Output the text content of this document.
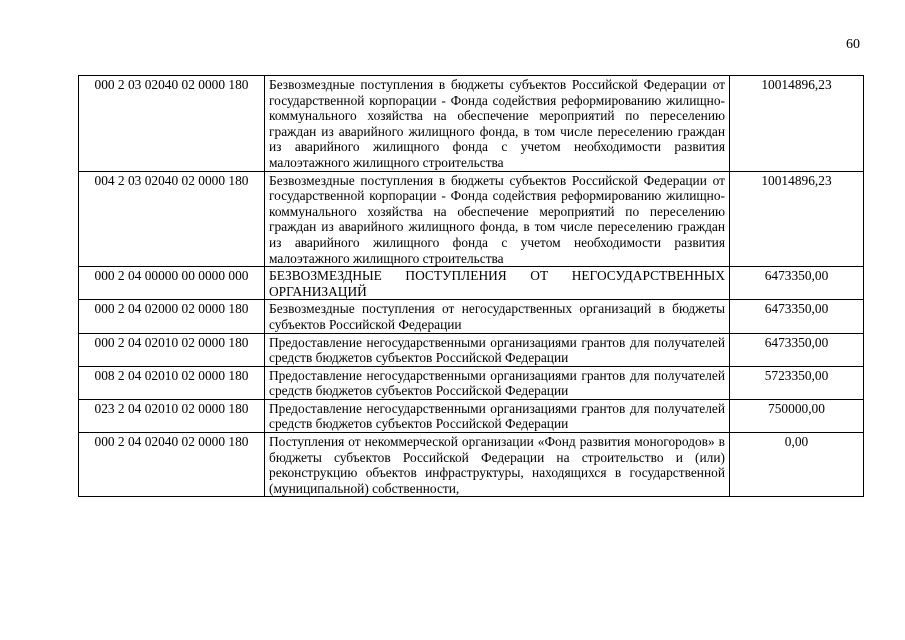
60
000 2 03 02040 02 0000 180	Безвозмездные поступления в бюджеты субъектов Российской Федерации от государственной корпорации - Фонда содействия реформированию жилищно-коммунального хозяйства на обеспечение мероприятий по переселению граждан из аварийного жилищного фонда, в том числе переселению граждан из аварийного жилищного фонда с учетом необходимости развития малоэтажного жилищного строительства	10014896,23
004 2 03 02040 02 0000 180	Безвозмездные поступления в бюджеты субъектов Российской Федерации от государственной корпорации - Фонда содействия реформированию жилищно-коммунального хозяйства на обеспечение мероприятий по переселению граждан из аварийного жилищного фонда, в том числе переселению граждан из аварийного жилищного фонда с учетом необходимости развития малоэтажного жилищного строительства	10014896,23
000 2 04 00000 00 0000 000	БЕЗВОЗМЕЗДНЫЕ ПОСТУПЛЕНИЯ ОТ НЕГОСУДАРСТВЕННЫХ ОРГАНИЗАЦИЙ	6473350,00
000 2 04 02000 02 0000 180	Безвозмездные поступления от негосударственных организаций в бюджеты субъектов Российской Федерации	6473350,00
000 2 04 02010 02 0000 180	Предоставление негосударственными организациями грантов для получателей средств бюджетов субъектов Российской Федерации	6473350,00
008 2 04 02010 02 0000 180	Предоставление негосударственными организациями грантов для получателей средств бюджетов субъектов Российской Федерации	5723350,00
023 2 04 02010 02 0000 180	Предоставление негосударственными организациями грантов для получателей средств бюджетов субъектов Российской Федерации	750000,00
000 2 04 02040 02 0000 180	Поступления от некоммерческой организации «Фонд развития моногородов» в бюджеты субъектов Российской Федерации на строительство и (или) реконструкцию объектов инфраструктуры, находящихся в государственной (муниципальной) собственности,	0,00
